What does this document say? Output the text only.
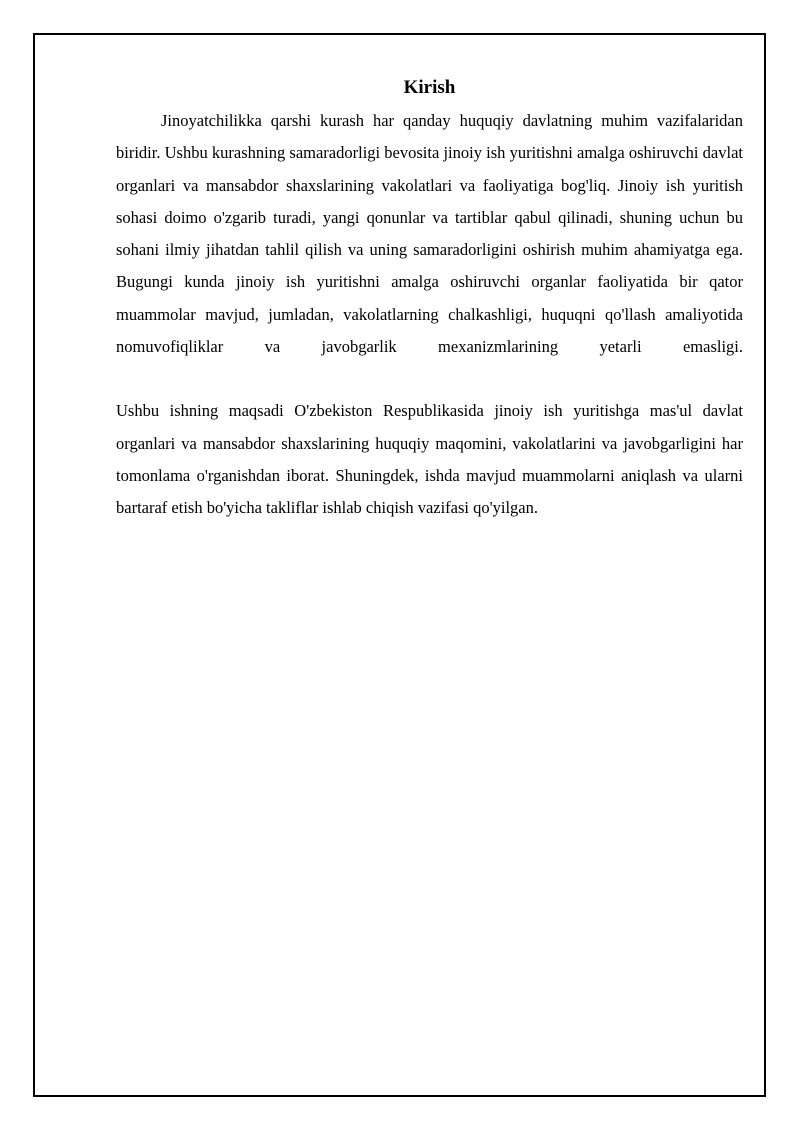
Kirish

Jinoyatchilikka qarshi kurash har qanday huquqiy davlatning muhim vazifalaridan biridir. Ushbu kurashning samaradorligi bevosita jinoiy ish yuritishni amalga oshiruvchi davlat organlari va mansabdor shaxslarining vakolatlari va faoliyatiga bog'liq. Jinoiy ish yuritish sohasi doimo o'zgarib turadi, yangi qonunlar va tartiblar qabul qilinadi, shuning uchun bu sohani ilmiy jihatdan tahlil qilish va uning samaradorligini oshirish muhim ahamiyatga ega. Bugungi kunda jinoiy ish yuritishni amalga oshiruvchi organlar faoliyatida bir qator muammolar mavjud, jumladan, vakolatlarning chalkashligi, huquqni qo'llash amaliyotida nomuvofiqliklar va javobgarlik mexanizmlarining yetarli emasligi.

Ushbu ishning maqsadi O'zbekiston Respublikasida jinoiy ish yuritishga mas'ul davlat organlari va mansabdor shaxslarining huquqiy maqomini, vakolatlarini va javobgarligini har tomonlama o'rganishdan iborat. Shuningdek, ishda mavjud muammolarni aniqlash va ularni bartaraf etish bo'yicha takliflar ishlab chiqish vazifasi qo'yilgan.
